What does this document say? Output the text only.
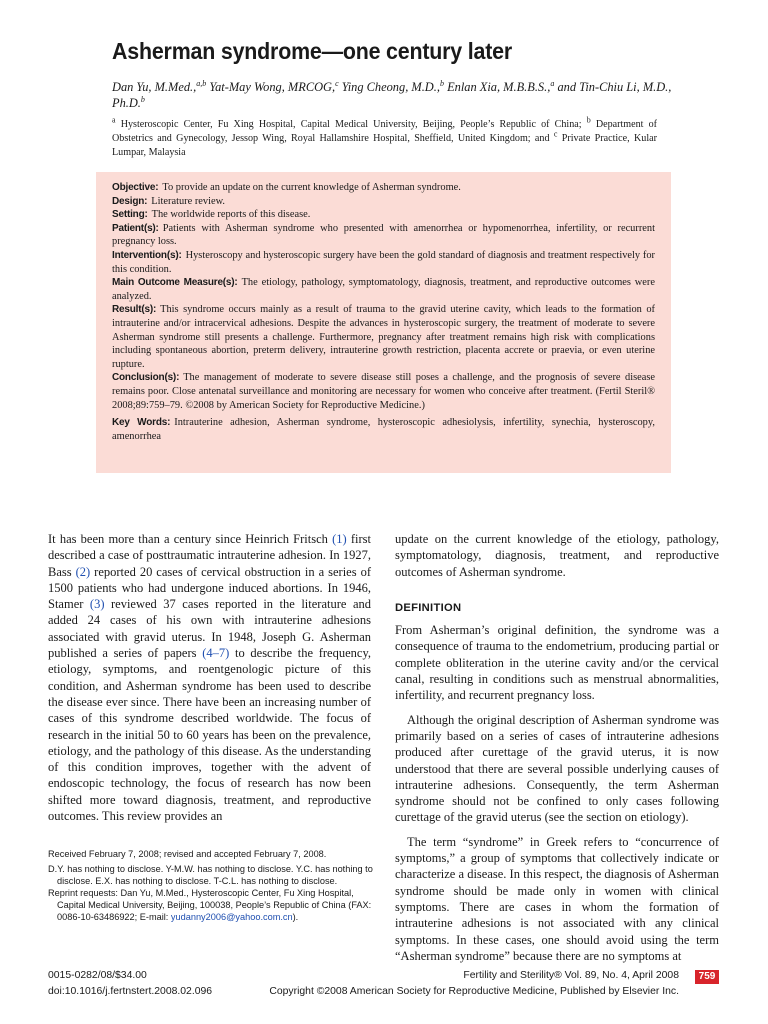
Asherman syndrome—one century later
Dan Yu, M.Med.,$^{a,b}$ Yat-May Wong, MRCOG,$^c$ Ying Cheong, M.D.,$^b$ Enlan Xia, M.B.B.S.,$^a$ and Tin-Chiu Li, M.D., Ph.D.$^b$
$^a$ Hysteroscopic Center, Fu Xing Hospital, Capital Medical University, Beijing, People’s Republic of China; $^b$ Department of Obstetrics and Gynecology, Jessop Wing, Royal Hallamshire Hospital, Sheffield, United Kingdom; and $^c$ Private Practice, Kular Lumpar, Malaysia

Objective: To provide an update on the current knowledge of Asherman syndrome.

Design: Literature review.

Setting: The worldwide reports of this disease.

Patient(s): Patients with Asherman syndrome who presented with amenorrhea or hypomenorrhea, infertility, or recurrent pregnancy loss.

Intervention(s): Hysteroscopy and hysteroscopic surgery have been the gold standard of diagnosis and treatment respectively for this condition.

Main Outcome Measure(s): The etiology, pathology, symptomatology, diagnosis, treatment, and reproductive outcomes were analyzed.

Result(s): This syndrome occurs mainly as a result of trauma to the gravid uterine cavity, which leads to the formation of intrauterine and/or intracervical adhesions. Despite the advances in hysteroscopic surgery, the treatment of moderate to severe Asherman syndrome still presents a challenge. Furthermore, pregnancy after treatment remains high risk with complications including spontaneous abortion, preterm delivery, intrauterine growth restriction, placenta accrete or praevia, or even uterine rupture.

Conclusion(s): The management of moderate to severe disease still poses a challenge, and the prognosis of severe disease remains poor. Close antenatal surveillance and monitoring are necessary for women who conceive after treatment. (Fertil Steril® 2008;89:759–79. ©2008 by American Society for Reproductive Medicine.)

Key Words: Intrauterine adhesion, Asherman syndrome, hysteroscopic adhesiolysis, infertility, synechia, hysteroscopy, amenorrhea

It has been more than a century since Heinrich Fritsch (1) first described a case of posttraumatic intrauterine adhesion. In 1927, Bass (2) reported 20 cases of cervical obstruction in a series of 1500 patients who had undergone induced abortions. In 1946, Stamer (3) reviewed 37 cases reported in the literature and added 24 cases of his own with intrauterine adhesions associated with gravid uterus. In 1948, Joseph G. Asherman published a series of papers (4–7) to describe the frequency, etiology, symptoms, and roentgenologic picture of this condition, and Asherman syndrome has been used to describe the disease ever since. There have been an increasing number of cases of this syndrome described worldwide. The focus of research in the initial 50 to 60 years has been on the prevalence, etiology, and the pathology of this disease. As the understanding of this condition improves, together with the advent of endoscopic technology, the focus of research has now been shifted more toward diagnosis, treatment, and reproductive outcomes. This review provides an

update on the current knowledge of the etiology, pathology, symptomatology, diagnosis, treatment, and reproductive outcomes of Asherman syndrome.

DEFINITION

From Asherman’s original definition, the syndrome was a consequence of trauma to the endometrium, producing partial or complete obliteration in the uterine cavity and/or the cervical canal, resulting in conditions such as menstrual abnormalities, infertility, and recurrent pregnancy loss.

Although the original description of Asherman syndrome was primarily based on a series of cases of intrauterine adhesions produced after curettage of the gravid uterus, it is now understood that there are several possible underlying causes of intrauterine adhesions. Consequently, the term Asherman syndrome should not be confined to only cases following curettage of the gravid uterus (see the section on etiology).

The term “syndrome” in Greek refers to “concurrence of symptoms,” a group of symptoms that collectively indicate or characterize a disease. In this respect, the diagnosis of Asherman syndrome should be made only in women with clinical symptoms. There are cases in whom the formation of intrauterine adhesions is not associated with any clinical symptoms. In these cases, one should avoid using the term “Asherman syndrome” because there are no symptoms at

Received February 7, 2008; revised and accepted February 7, 2008.

D.Y. has nothing to disclose. Y-M.W. has nothing to disclose. Y.C. has nothing to disclose. E.X. has nothing to disclose. T-C.L. has nothing to disclose.

Reprint requests: Dan Yu, M.Med., Hysteroscopic Center, Fu Xing Hospital, Capital Medical University, Beijing, 100038, People’s Republic of China (FAX: 0086-10-63486922; E-mail: yudanny2006@yahoo.com.cn).

0015-0282/08/$34.00
doi:10.1016/j.fertnstert.2008.02.096
Fertility and Sterility® Vol. 89, No. 4, April 2008
Copyright ©2008 American Society for Reproductive Medicine, Published by Elsevier Inc.
759
